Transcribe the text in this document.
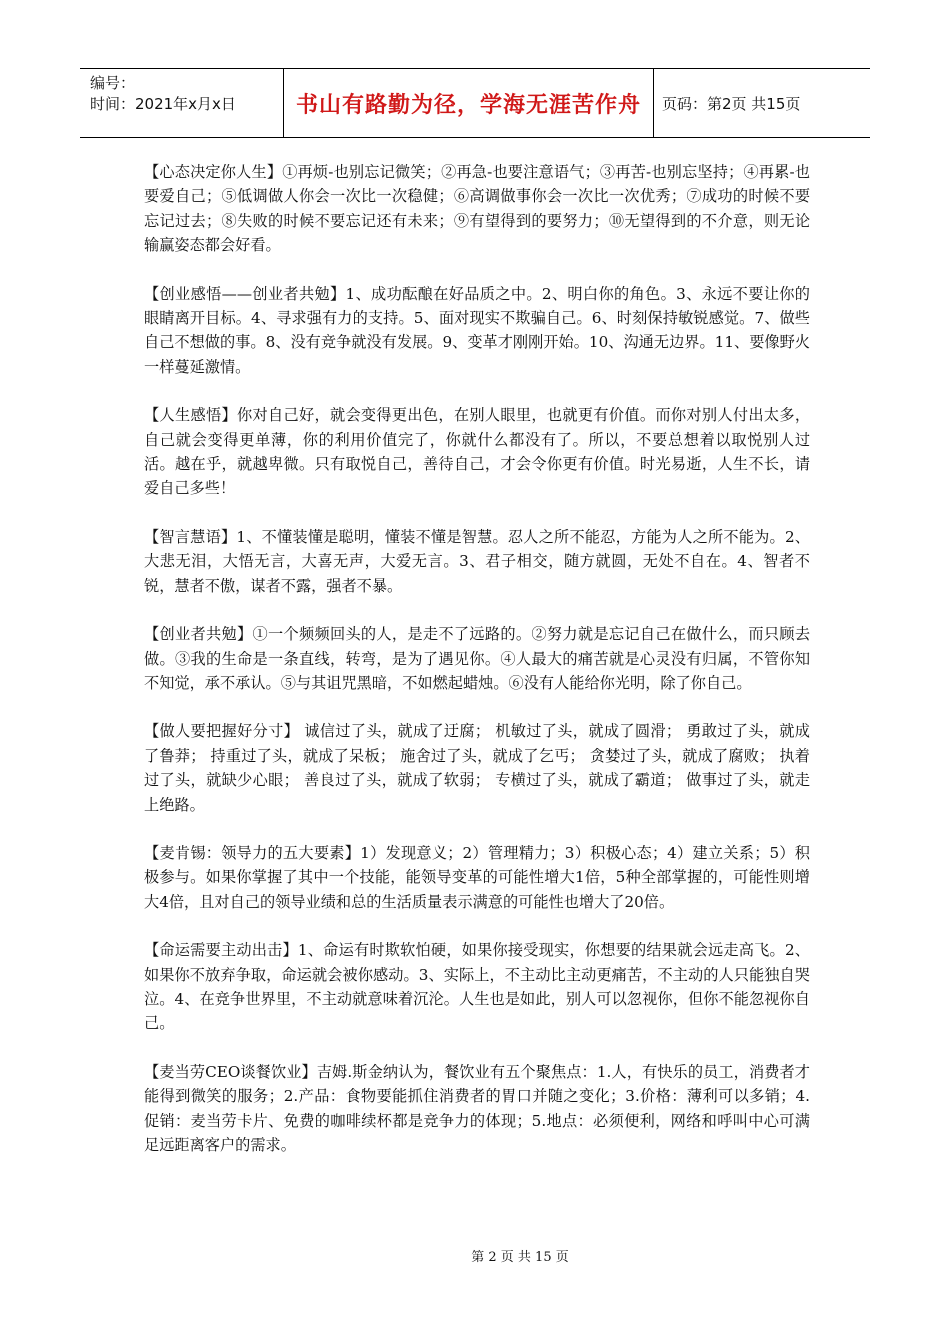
编号：
时间：2021年x月x日	书山有路勤为径，学海无涯苦作舟 页码：第2页 共15页

【心态决定你人生】①再烦-也别忘记微笑；②再急-也要注意语气；③再苦-也别忘坚持；④再累-也要爱自己；⑤低调做人你会一次比一次稳健；⑥高调做事你会一次比一次优秀；⑦成功的时候不要忘记过去；⑧失败的时候不要忘记还有未来；⑨有望得到的要努力；⑩无望得到的不介意，则无论输赢姿态都会好看。

【创业感悟——创业者共勉】1、成功酝酿在好品质之中。2、明白你的角色。3、永远不要让你的眼睛离开目标。4、寻求强有力的支持。5、面对现实不欺骗自己。6、时刻保持敏锐感觉。7、做些自己不想做的事。8、没有竞争就没有发展。9、变革才刚刚开始。10、沟通无边界。11、要像野火一样蔓延激情。

【人生感悟】你对自己好，就会变得更出色，在别人眼里，也就更有价值。而你对别人付出太多，自己就会变得更单薄，你的利用价值完了，你就什么都没有了。所以，不要总想着以取悦别人过活。越在乎，就越卑微。只有取悦自己，善待自己，才会令你更有价值。时光易逝，人生不长，请爱自己多些！

【智言慧语】1、不懂装懂是聪明，懂装不懂是智慧。忍人之所不能忍，方能为人之所不能为。2、大悲无泪，大悟无言，大喜无声，大爱无言。3、君子相交，随方就圆，无处不自在。4、智者不锐，慧者不傲，谋者不露，强者不暴。

【创业者共勉】①一个频频回头的人，是走不了远路的。②努力就是忘记自己在做什么，而只顾去做。③我的生命是一条直线，转弯，是为了遇见你。④人最大的痛苦就是心灵没有归属，不管你知不知觉，承不承认。⑤与其诅咒黑暗，不如燃起蜡烛。⑥没有人能给你光明，除了你自己。

【做人要把握好分寸】 诚信过了头，就成了迂腐； 机敏过了头，就成了圆滑； 勇敢过了头，就成了鲁莽； 持重过了头，就成了呆板； 施舍过了头，就成了乞丐； 贪婪过了头，就成了腐败； 执着过了头，就缺少心眼； 善良过了头，就成了软弱； 专横过了头，就成了霸道； 做事过了头，就走上绝路。

【麦肯锡：领导力的五大要素】1）发现意义；2）管理精力；3）积极心态；4）建立关系；5）积极参与。如果你掌握了其中一个技能，能领导变革的可能性增大1倍，5种全部掌握的，可能性则增大4倍，且对自己的领导业绩和总的生活质量表示满意的可能性也增大了20倍。

【命运需要主动出击】1、命运有时欺软怕硬，如果你接受现实，你想要的结果就会远走高飞。2、如果你不放弃争取，命运就会被你感动。3、实际上，不主动比主动更痛苦，不主动的人只能独自哭泣。4、在竞争世界里，不主动就意味着沉沦。人生也是如此，别人可以忽视你，但你不能忽视你自己。

【麦当劳CEO谈餐饮业】吉姆.斯金纳认为，餐饮业有五个聚焦点：1.人，有快乐的员工，消费者才能得到微笑的服务；2.产品：食物要能抓住消费者的胃口并随之变化；3.价格：薄利可以多销；4.促销：麦当劳卡片、免费的咖啡续杯都是竞争力的体现；5.地点：必须便利，网络和呼叫中心可满足远距离客户的需求。

第 2 页 共 15 页
